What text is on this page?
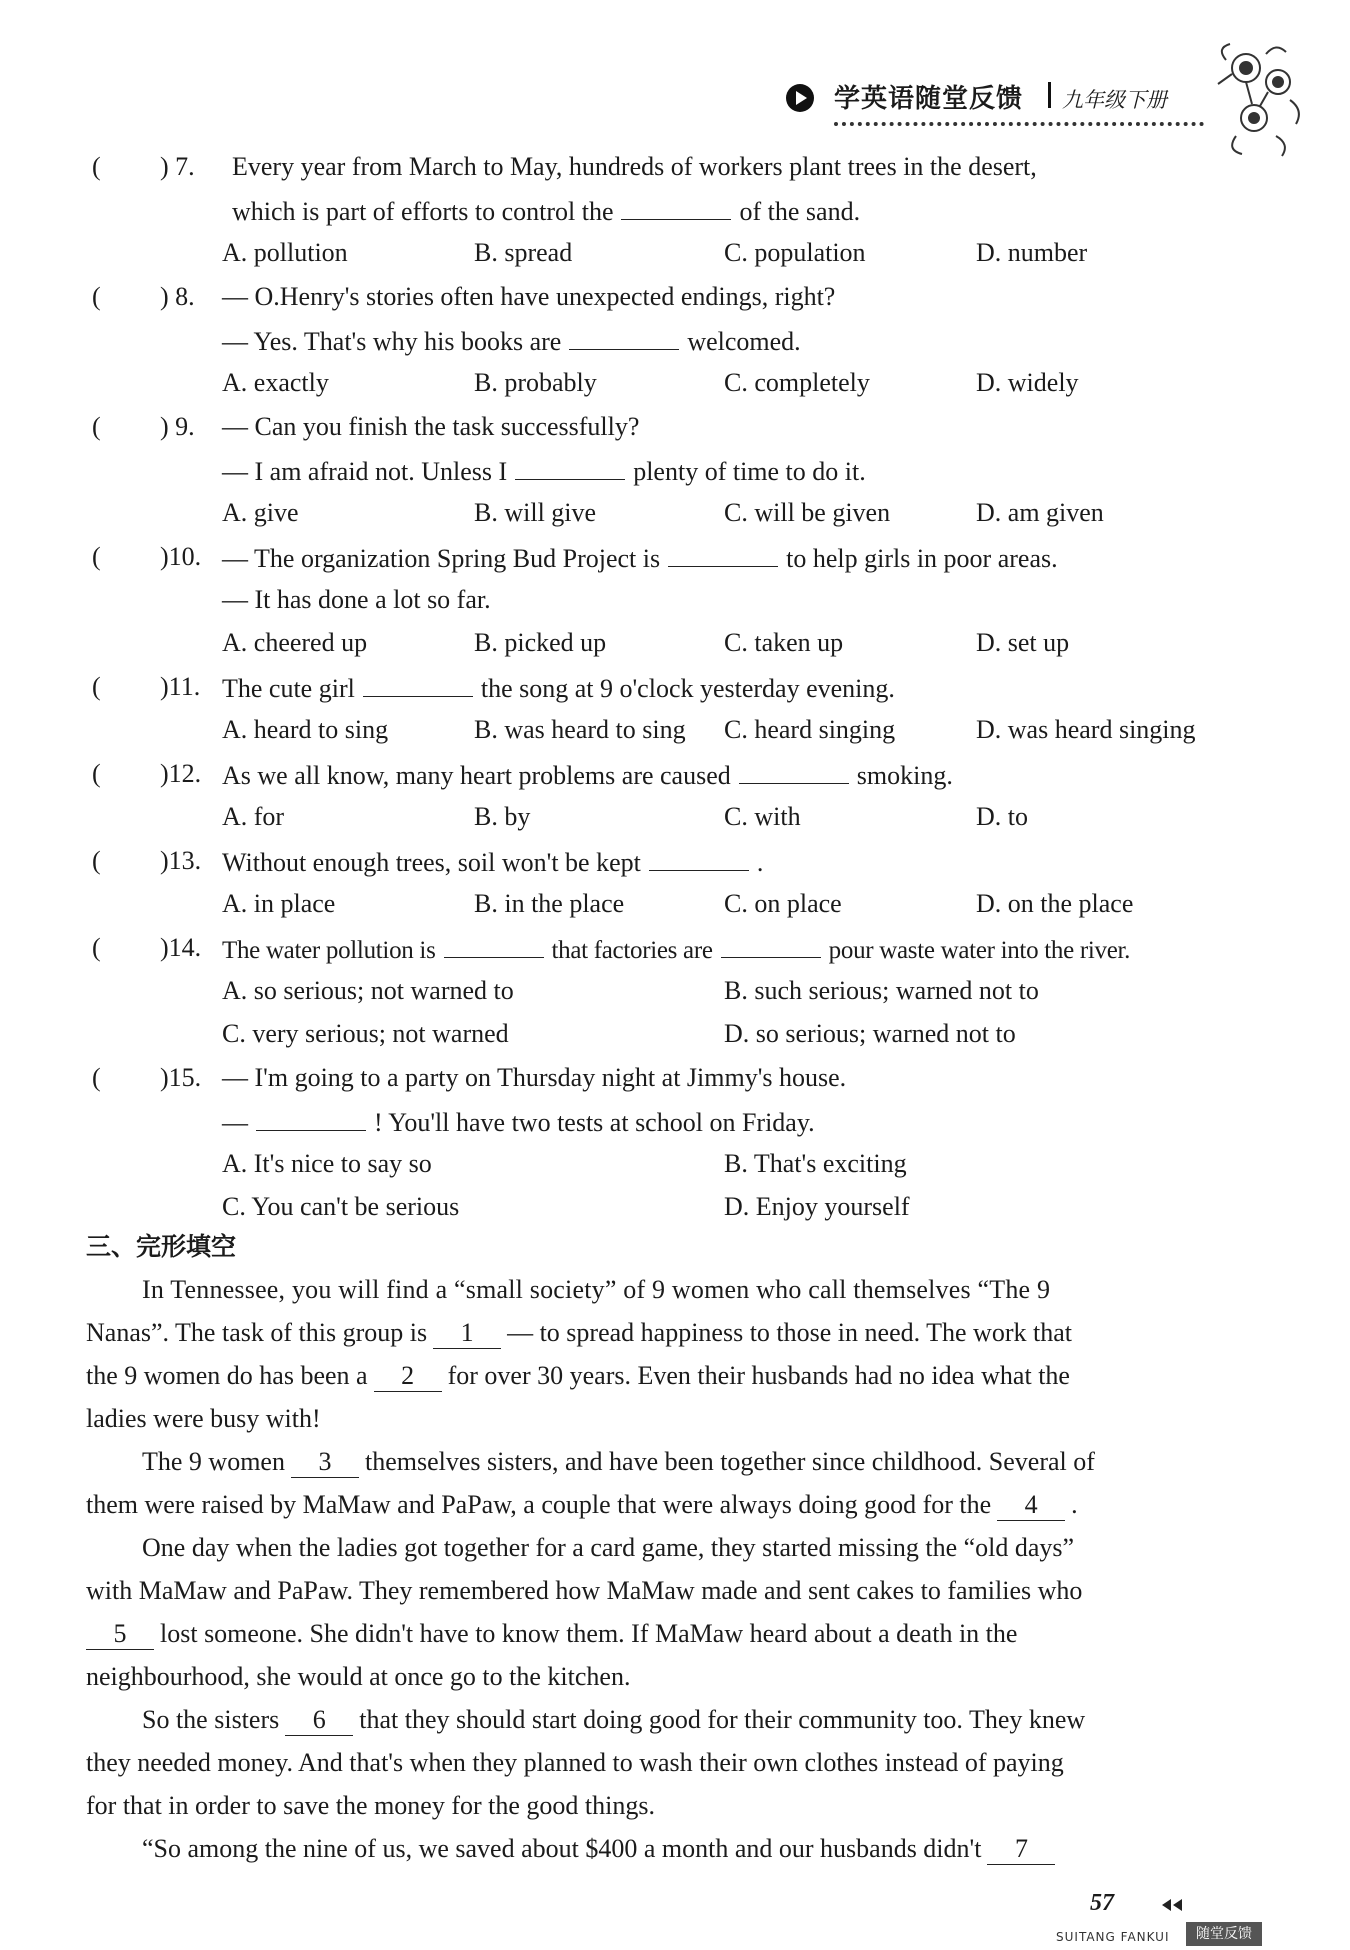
学英语随堂反馈 九年级下册
( ) 7. Every year from March to May, hundreds of workers plant trees in the desert,
which is part of efforts to control the	of the sand.
A. pollution	B. spread	C. population	D. number
( ) 8. — O.Henry's stories often have unexpected endings, right?
— Yes. That's why his books are	welcomed.
A. exactly	B. probably	C. completely	D. widely
( ) 9. — Can you finish the task successfully?
— I am afraid not. Unless I	plenty of time to do it.
A. give	B. will give	C. will be given	D. am given
( )10. — The organization Spring Bud Project is	to help girls in poor areas.
— It has done a lot so far.
A. cheered up	B. picked up	C. taken up	D. set up
( )11. The cute girl	the song at 9 o'clock yesterday evening.
A. heard to sing	B. was heard to sing C. heard singing	D. was heard singing
( )12. As we all know, many heart problems are caused	smoking.
A. for	B. by	C. with	D. to
( )13. Without enough trees, soil won't be kept	.
A. in place	B. in the place	C. on place	D. on the place
( )14. The water pollution is	that factories are	pour waste water into the river.
A. so serious; not warned to	B. such serious; warned not to
C. very serious; not warned	D. so serious; warned not to
( )15. — I'm going to a party on Thursday night at Jimmy's house.
—	! You'll have two tests at school on Friday.
A. It's nice to say so	B. That's exciting
C. You can't be serious	D. Enjoy yourself
三、完形填空
In Tennessee, you will find a “small society” of 9 women who call themselves “The 9
Nanas”. The task of this group is 1 — to spread happiness to those in need. The work that
the 9 women do has been a 2 for over 30 years. Even their husbands had no idea what the
ladies were busy with!
The 9 women 3 themselves sisters, and have been together since childhood. Several of
them were raised by MaMaw and PaPaw, a couple that were always doing good for the 4 .
One day when the ladies got together for a card game, they started missing the “old days”
with MaMaw and PaPaw. They remembered how MaMaw made and sent cakes to families who
5 lost someone. She didn't have to know them. If MaMaw heard about a death in the
neighbourhood, she would at once go to the kitchen.
So the sisters 6 that they should start doing good for their community too. They knew
they needed money. And that's when they planned to wash their own clothes instead of paying
for that in order to save the money for the good things.
“So among the nine of us, we saved about $400 a month and our husbands didn't 7
57
SUITANG FANKUI	随堂反馈
